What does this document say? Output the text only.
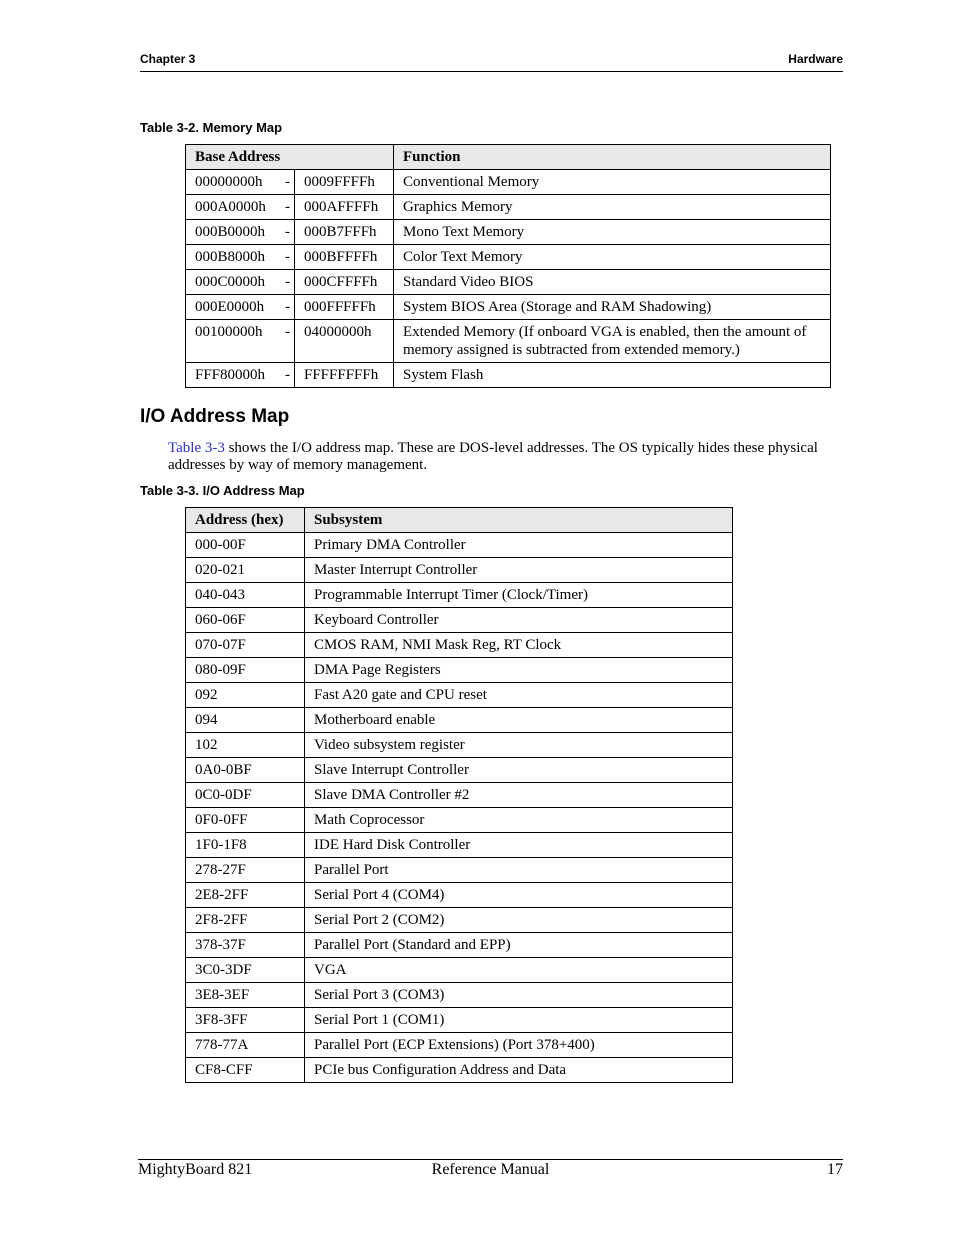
Chapter 3	Hardware
Table 3-2. Memory Map
Base Address		Function

00000000h -	0009FFFFh	Conventional Memory

000A0000h -	000AFFFFh	Graphics Memory

000B0000h -	000B7FFFh	Mono Text Memory

000B8000h -	000BFFFFh	Color Text Memory

000C0000h -	000CFFFFh	Standard Video BIOS

000E0000h -	000FFFFFh	System BIOS Area (Storage and RAM Shadowing)

00100000h -	04000000h	Extended Memory (If onboard VGA is enabled, then the amount of memory assigned is subtracted from extended memory.)

FFF80000h -	FFFFFFFFh	System Flash
I/O Address Map
Table 3-3 shows the I/O address map. These are DOS-level addresses. The OS typically hides these physical addresses by way of memory management.
Table 3-3. I/O Address Map
Address (hex)	Subsystem
000-00F	Primary DMA Controller
020-021	Master Interrupt Controller
040-043	Programmable Interrupt Timer (Clock/Timer)
060-06F	Keyboard Controller
070-07F	CMOS RAM, NMI Mask Reg, RT Clock
080-09F	DMA Page Registers
092	Fast A20 gate and CPU reset
094	Motherboard enable
102	Video subsystem register
0A0-0BF	Slave Interrupt Controller
0C0-0DF	Slave DMA Controller #2
0F0-0FF	Math Coprocessor
1F0-1F8	IDE Hard Disk Controller
278-27F	Parallel Port
2E8-2FF	Serial Port 4 (COM4)
2F8-2FF	Serial Port 2 (COM2)
378-37F	Parallel Port (Standard and EPP)
3C0-3DF	VGA
3E8-3EF	Serial Port 3 (COM3)
3F8-3FF	Serial Port 1 (COM1)
778-77A	Parallel Port (ECP Extensions) (Port 378+400)
CF8-CFF	PCIe bus Configuration Address and Data
MightyBoard 821	Reference Manual	17
